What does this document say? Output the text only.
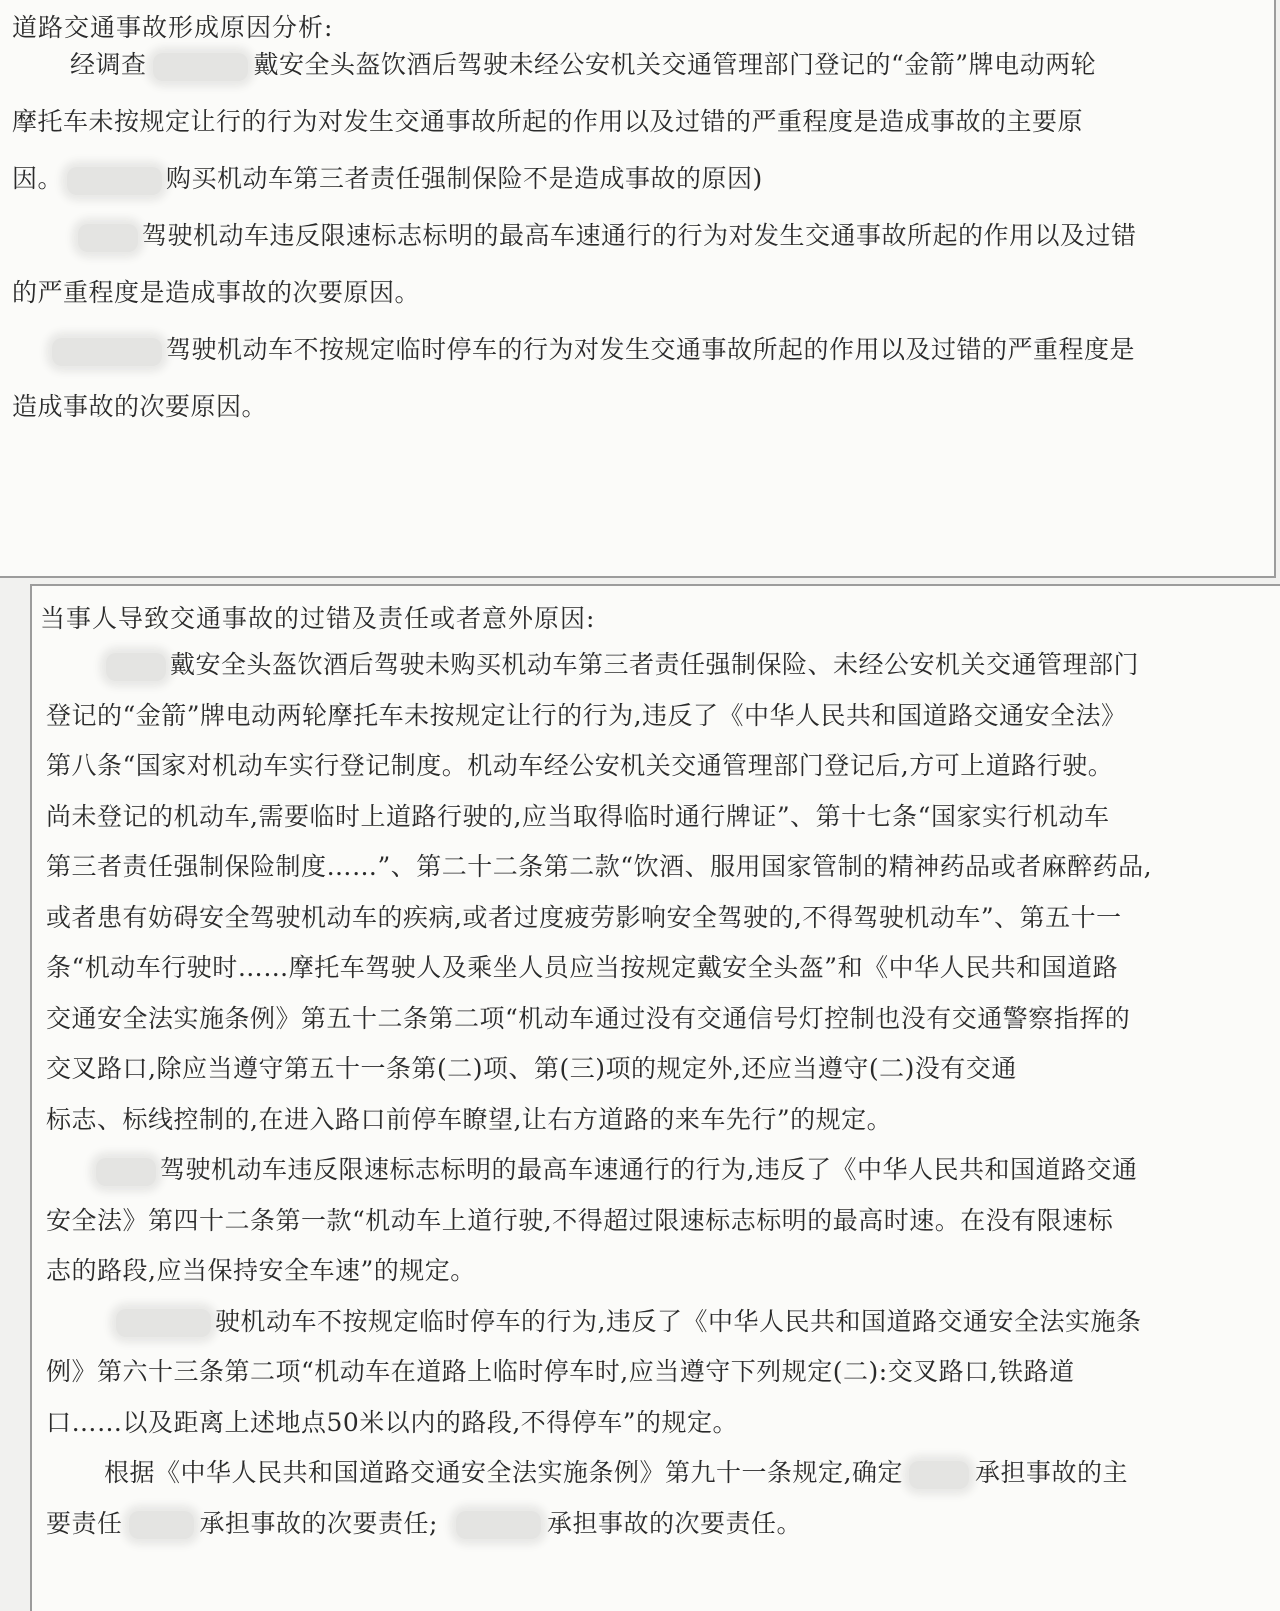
道路交通事故形成原因分析:
经调查	戴安全头盔饮酒后驾驶未经公安机关交通管理部门登记的“金箭”牌电动两轮
摩托车未按规定让行的行为对发生交通事故所起的作用以及过错的严重程度是造成事故的主要原
因。	购买机动车第三者责任强制保险不是造成事故的原因)
驾驶机动车违反限速标志标明的最高车速通行的行为对发生交通事故所起的作用以及过错
的严重程度是造成事故的次要原因。
驾驶机动车不按规定临时停车的行为对发生交通事故所起的作用以及过错的严重程度是
造成事故的次要原因。
当事人导致交通事故的过错及责任或者意外原因:
戴安全头盔饮酒后驾驶未购买机动车第三者责任强制保险、未经公安机关交通管理部门
登记的“金箭”牌电动两轮摩托车未按规定让行的行为,违反了《中华人民共和国道路交通安全法》
第八条“国家对机动车实行登记制度。机动车经公安机关交通管理部门登记后,方可上道路行驶。
尚未登记的机动车,需要临时上道路行驶的,应当取得临时通行牌证”、第十七条“国家实行机动车
第三者责任强制保险制度……”、第二十二条第二款“饮酒、服用国家管制的精神药品或者麻醉药品,
或者患有妨碍安全驾驶机动车的疾病,或者过度疲劳影响安全驾驶的,不得驾驶机动车”、第五十一
条“机动车行驶时……摩托车驾驶人及乘坐人员应当按规定戴安全头盔”和《中华人民共和国道路
交通安全法实施条例》第五十二条第二项“机动车通过没有交通信号灯控制也没有交通警察指挥的
交叉路口,除应当遵守第五十一条第(二)项、第(三)项的规定外,还应当遵守(二)没有交通
标志、标线控制的,在进入路口前停车瞭望,让右方道路的来车先行”的规定。
驾驶机动车违反限速标志标明的最高车速通行的行为,违反了《中华人民共和国道路交通
安全法》第四十二条第一款“机动车上道行驶,不得超过限速标志标明的最高时速。在没有限速标
志的路段,应当保持安全车速”的规定。
驶机动车不按规定临时停车的行为,违反了《中华人民共和国道路交通安全法实施条
例》第六十三条第二项“机动车在道路上临时停车时,应当遵守下列规定(二):交叉路口,铁路道
口……以及距离上述地点50米以内的路段,不得停车”的规定。
根据《中华人民共和国道路交通安全法实施条例》第九十一条规定,确定	承担事故的主
要责任	承担事故的次要责任;	承担事故的次要责任。
